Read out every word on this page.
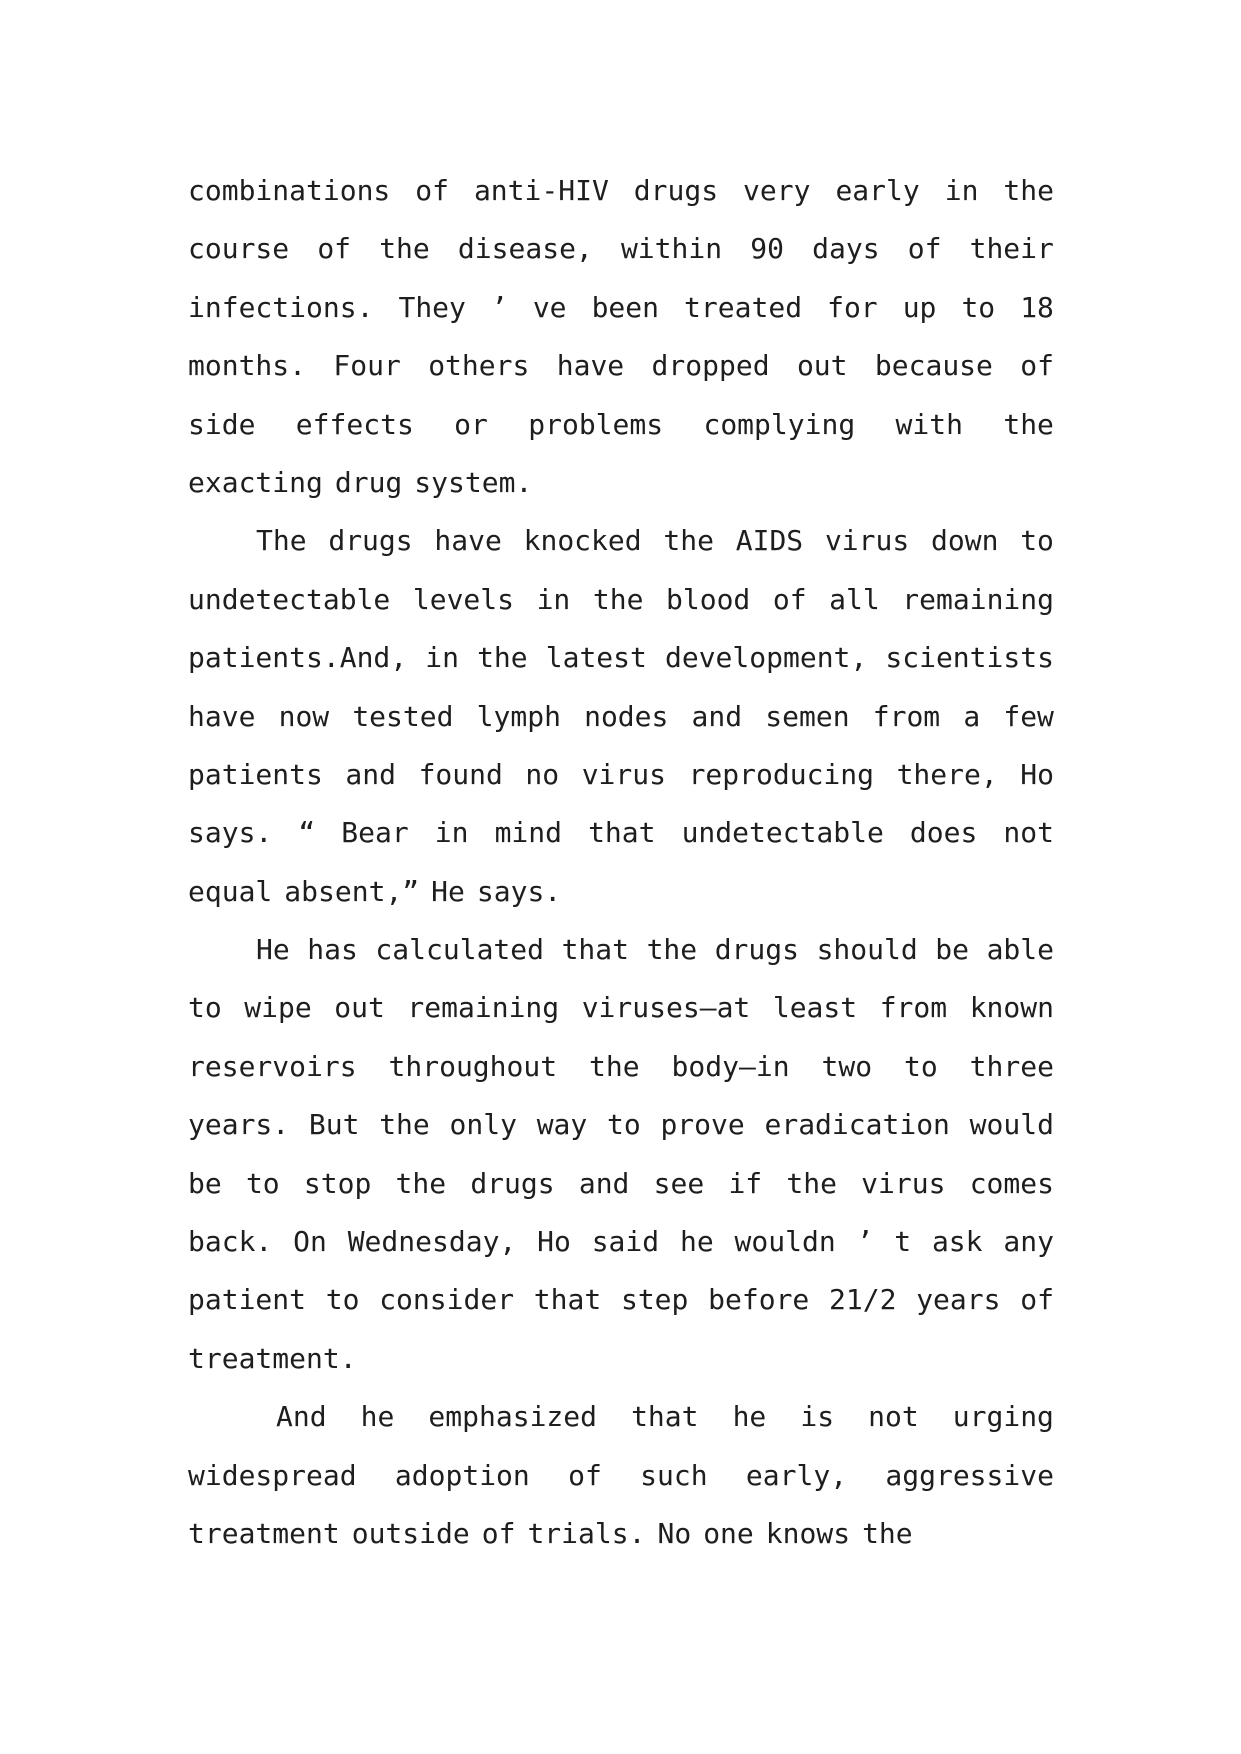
combinations of anti-HIV drugs very early in the
course of the disease, within 90 days of their
infections. They ’ ve been treated for up to 18
months. Four others have dropped out because of
side effects or problems complying with the
exacting drug system.
The drugs have knocked the AIDS virus down to
undetectable levels in the blood of all remaining
patients.And, in the latest development, scientists
have now tested lymph nodes and semen from a few
patients and found no virus reproducing there, Ho
says. “ Bear in mind that undetectable does not
equal absent,” He says.
He has calculated that the drugs should be able
to wipe out remaining viruses—at least from known
reservoirs throughout the body—in two to three
years. But the only way to prove eradication would
be to stop the drugs and see if the virus comes
back. On Wednesday, Ho said he wouldn ’ t ask any
patient to consider that step before 21/2 years of
treatment.
And he emphasized that he is not urging
widespread adoption of such early, aggressive
treatment outside of trials. No one knows the
